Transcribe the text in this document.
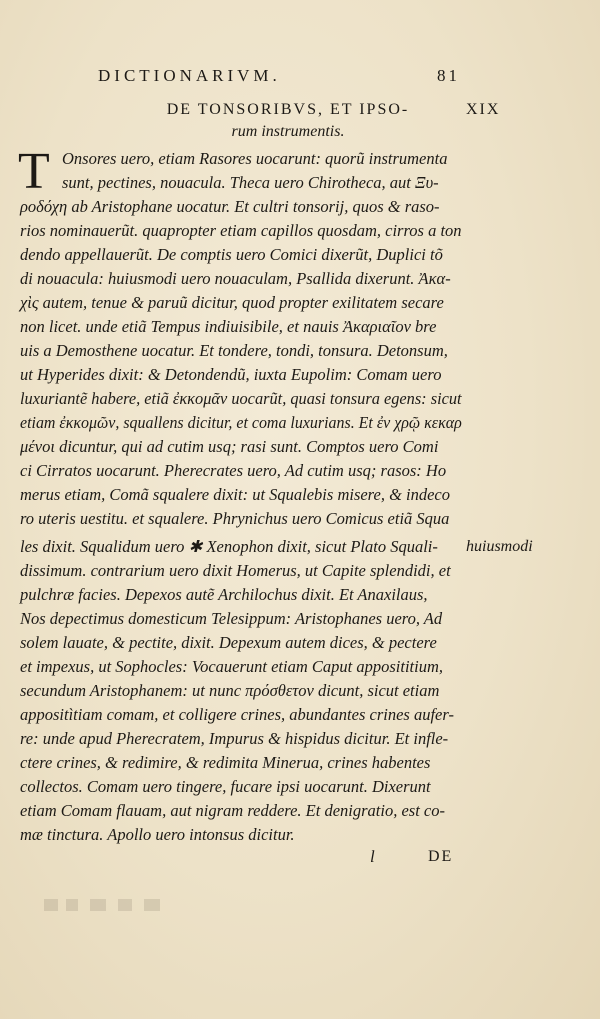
DICTIONARIVM.	81
DE TONSORIBVS, ET IPSO-
rum instrumentis.
XIX
T Onsores uero, etiam Rasores uocarunt: quorũ instrumenta
sunt, pectines, nouacula. Theca uero Chirotheca, aut Ξυ-
ροδόχη ab Aristophane uocatur. Et cultri tonsorij, quos & raso-
rios nominauerũt. quapropter etiam capillos quosdam, cirros a ton
dendo appellauerũt. De comptis uero Comici dixerũt, Duplici tõ
di nouacula: huiusmodi uero nouaculam, Psallida dixerunt. Ἀκα-
χὶς autem, tenue & paruũ dicitur, quod propter exilitatem secare
non licet. unde etiã Tempus indiuisibile, et nauis Ἀκαριαῖον bre
uis a Demosthene uocatur. Et tondere, tondi, tonsura. Detonsum,
ut Hyperides dixit: & Detondendũ, iuxta Eupolim: Comam uero
luxuriantẽ habere, etiã ἐκκομᾶν uocarũt, quasi tonsura egens: sicut
etiam ἐκκομῶν, squallens dicitur, et coma luxurians. Et ἐν χρῷ κεκαρ
μένοι dicuntur, qui ad cutim usq; rasi sunt. Comptos uero Comi
ci Cirratos uocarunt. Pherecrates uero, Ad cutim usq; rasos: Ho
merus etiam, Comã squalere dixit: ut Squalebis misere, & indeco
ro uteris uestitu. et squalere. Phrynichus uero Comicus etiã Squa
les dixit. Squalidum uero ✱ Xenophon dixit, sicut Plato Squali-
dissimum. contrarium uero dixit Homerus, ut Capite splendidi, et
pulchræ facies. Depexos autẽ Archilochus dixit. Et Anaxilaus,
Nos depectimus domesticum Telesippum: Aristophanes uero, Ad
solem lauate, & pectite, dixit. Depexum autem dices, & pectere
et impexus, ut Sophocles: Vocauerunt etiam Caput apposititium,
secundum Aristophanem: ut nunc πρόσθετον dicunt, sicut etiam
appositìtiam comam, et colligere crines, abundantes crines aufer-
re: unde apud Pherecratem, Impurus & hispidus dicitur. Et infle-
ctere crines, & redimire, & redimita Minerua, crines habentes
collectos. Comam uero tingere, fucare ipsi uocarunt. Dixerunt
etiam Comam flauam, aut nigram reddere. Et denigratio, est co-
mæ tinctura. Apollo uero intonsus dicitur.
huiusmodi
l	DE
